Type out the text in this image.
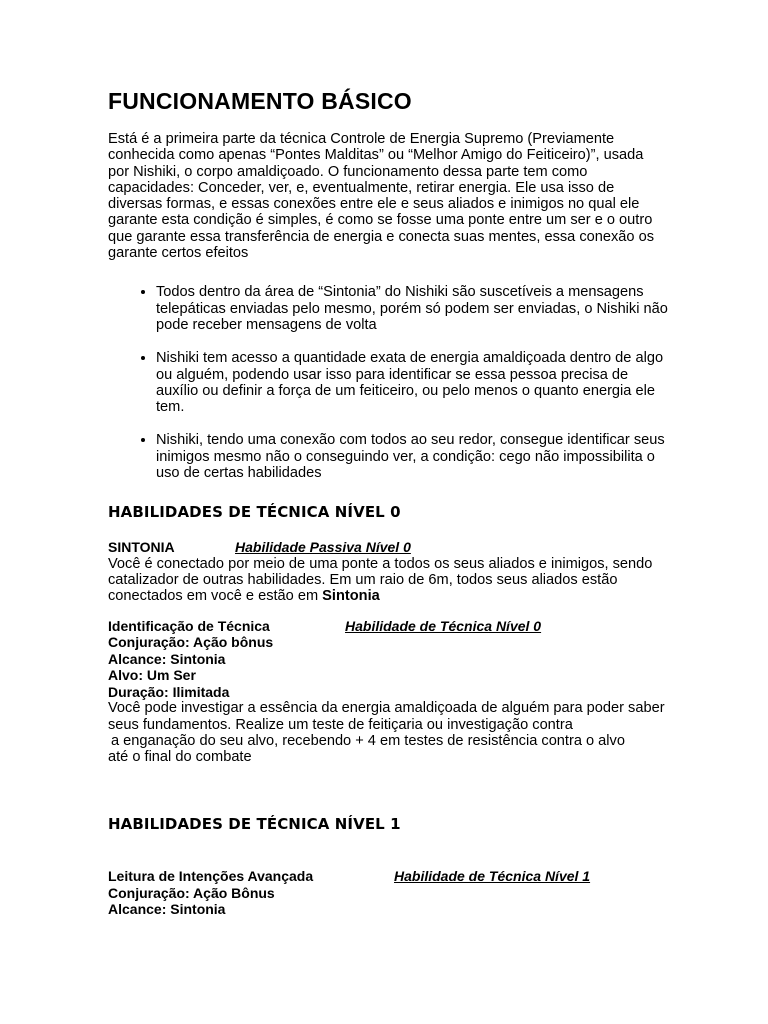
FUNCIONAMENTO BÁSICO
Está é a primeira parte da técnica Controle de Energia Supremo (Previamente conhecida como apenas “Pontes Malditas” ou “Melhor Amigo do Feiticeiro)”, usada por Nishiki, o corpo amaldiçoado. O funcionamento dessa parte tem como capacidades: Conceder, ver, e, eventualmente, retirar energia. Ele usa isso de diversas formas, e essas conexões entre ele e seus aliados e inimigos no qual ele garante esta condição é simples, é como se fosse uma ponte entre um ser e o outro que garante essa transferência de energia e conecta suas mentes, essa conexão os garante certos efeitos
• Todos dentro da área de “Sintonia” do Nishiki são suscetíveis a mensagens telepáticas enviadas pelo mesmo, porém só podem ser enviadas, o Nishiki não pode receber mensagens de volta
• Nishiki tem acesso a quantidade exata de energia amaldiçoada dentro de algo ou alguém, podendo usar isso para identificar se essa pessoa precisa de auxílio ou definir a força de um feiticeiro, ou pelo menos o quanto energia ele tem.
• Nishiki, tendo uma conexão com todos ao seu redor, consegue identificar seus inimigos mesmo não o conseguindo ver, a condição: cego não impossibilita o uso de certas habilidades
HABILIDADES DE TÉCNICA NÍVEL 0
SINTONIA	Habilidade Passiva Nível 0
Você é conectado por meio de uma ponte a todos os seus aliados e inimigos, sendo catalizador de outras habilidades. Em um raio de 6m, todos seus aliados estão conectados em você e estão em Sintonia
Identificação de Técnica	Habilidade de Técnica Nível 0
Conjuração: Ação bônus
Alcance: Sintonia
Alvo: Um Ser
Duração: Ilimitada
Você pode investigar a essência da energia amaldiçoada de alguém para poder saber seus fundamentos. Realize um teste de feitiçaria ou investigação contra
a enganação do seu alvo, recebendo + 4 em testes de resistência contra o alvo
até o final do combate
HABILIDADES DE TÉCNICA NÍVEL 1
Leitura de Intenções Avançada	Habilidade de Técnica Nível 1
Conjuração: Ação Bônus
Alcance: Sintonia
